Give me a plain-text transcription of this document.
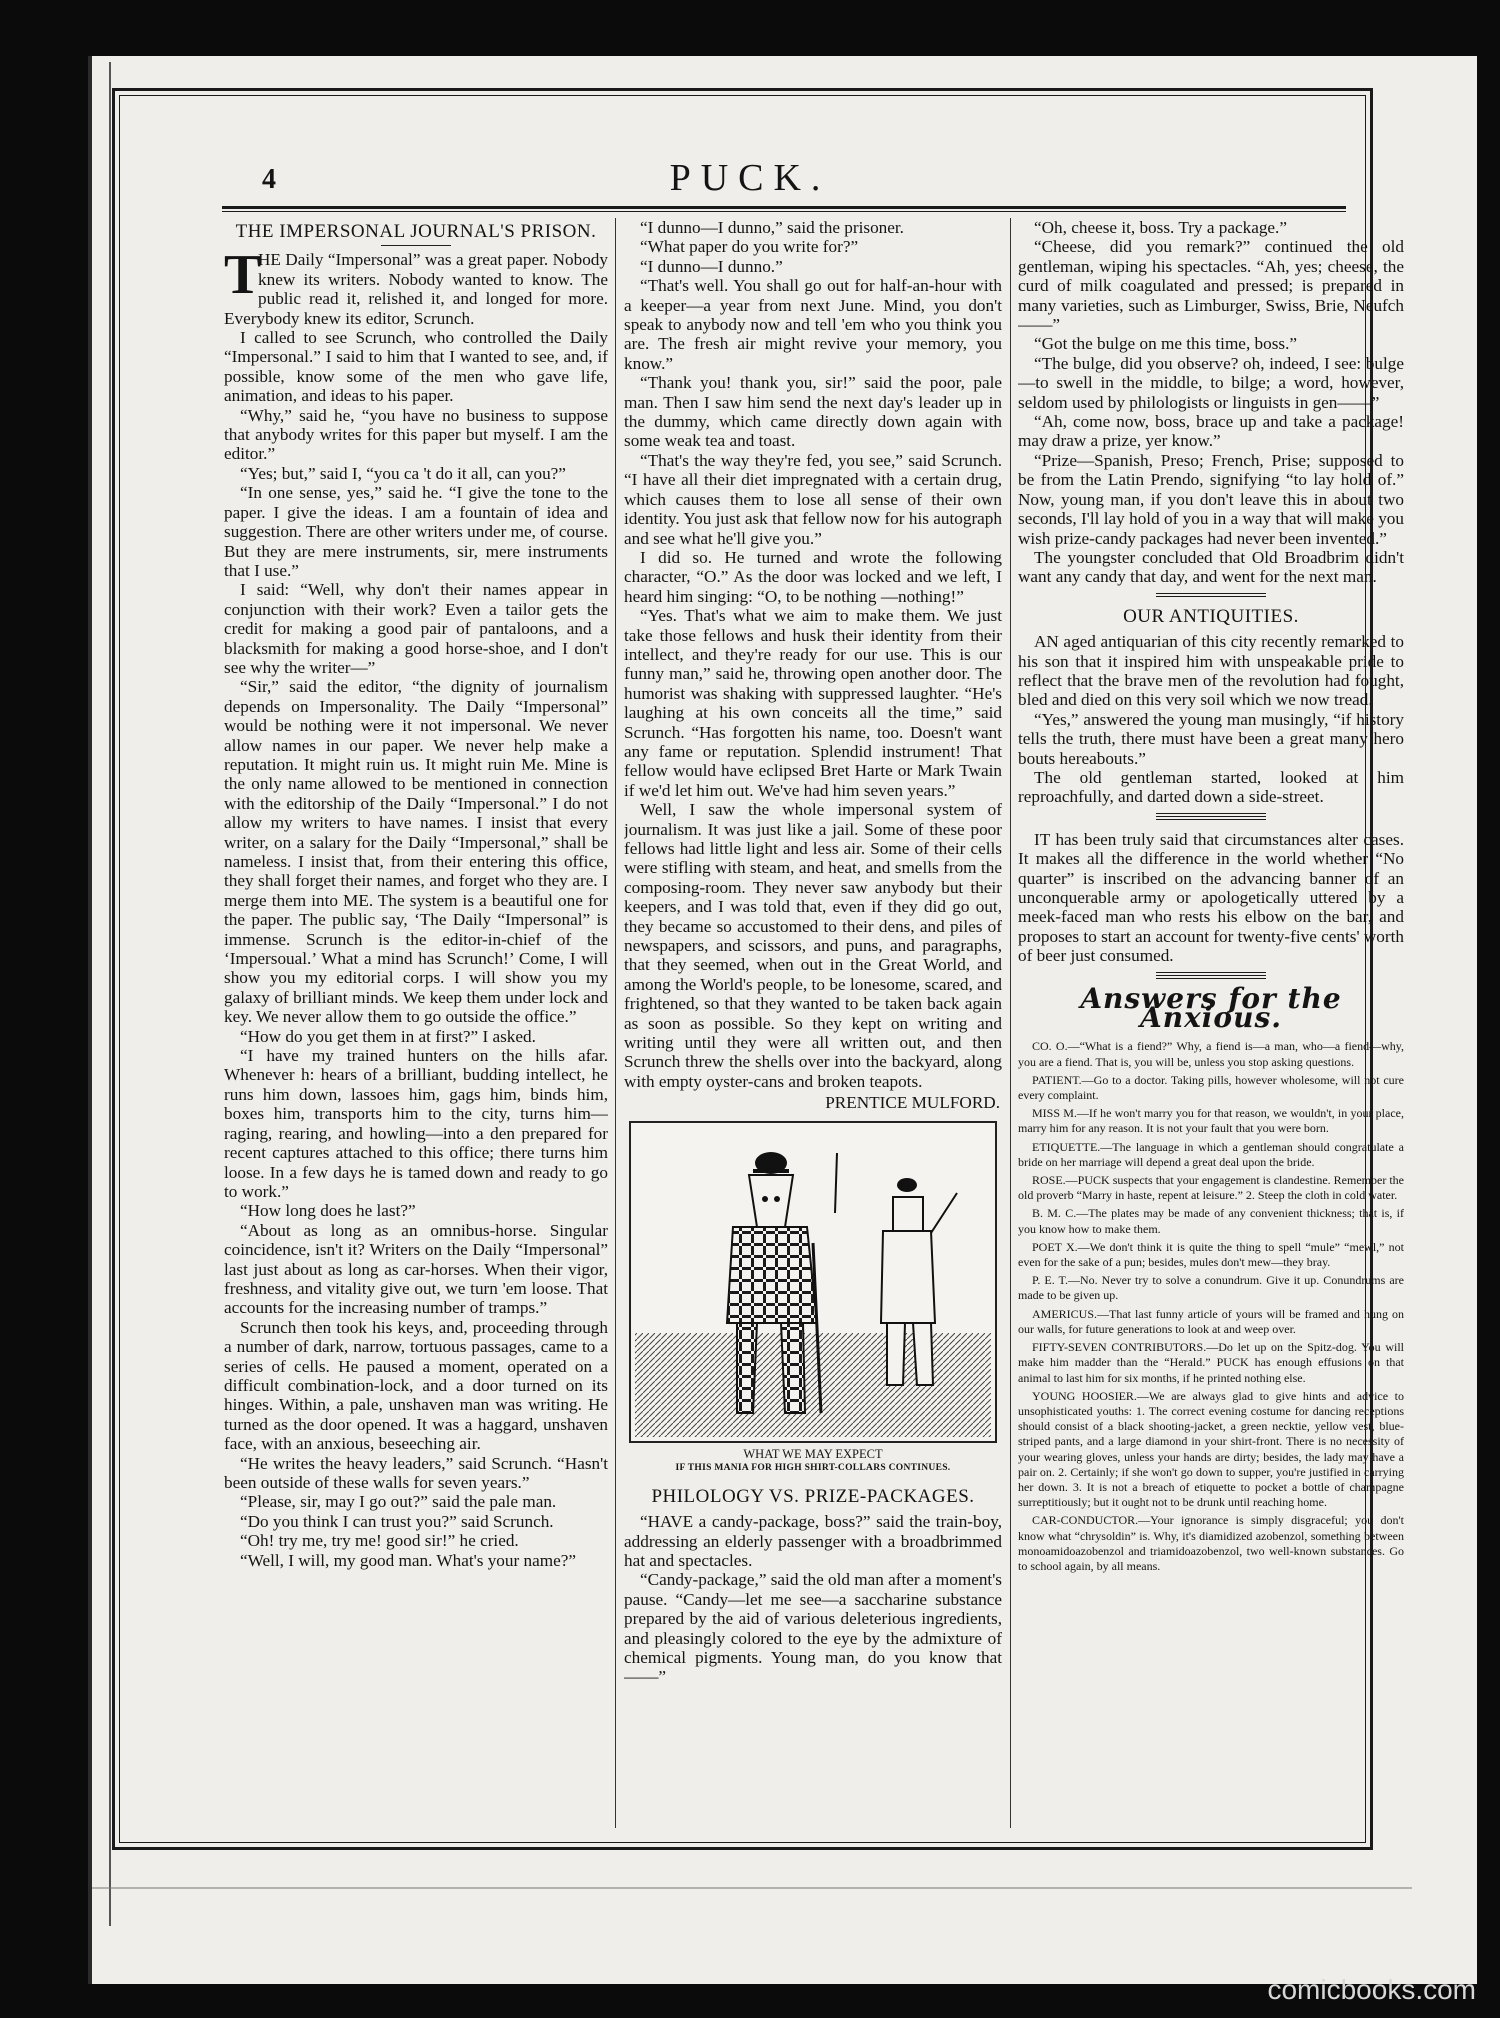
4	PUCK.
THE IMPERSONAL JOURNAL'S PRISON.

T
HE Daily “Impersonal” was a great paper. Nobody knew its writers. Nobody wanted to know. The public read it, relished it, and longed for more. Everybody knew its editor, Scrunch.

I called to see Scrunch, who controlled the Daily “Impersonal.” I said to him that I wanted to see, and, if possible, know some of the men who gave life, animation, and ideas to his paper.

“Why,” said he, “you have no business to suppose that anybody writes for this paper but myself. I am the editor.”

“Yes; but,” said I, “you ca 't do it all, can you?”

“In one sense, yes,” said he. “I give the tone to the paper. I give the ideas. I am a fountain of idea and suggestion. There are other writers under me, of course. But they are mere instruments, sir, mere instruments that I use.”

I said: “Well, why don't their names appear in conjunction with their work? Even a tailor gets the credit for making a good pair of pantaloons, and a blacksmith for making a good horse-shoe, and I don't see why the writer—”

“Sir,” said the editor, “the dignity of journalism depends on Impersonality. The Daily “Impersonal” would be nothing were it not impersonal. We never allow names in our paper. We never help make a reputation. It might ruin us. It might ruin Me. Mine is the only name allowed to be mentioned in connection with the editorship of the Daily “Impersonal.” I do not allow my writers to have names. I insist that every writer, on a salary for the Daily “Impersonal,” shall be nameless. I insist that, from their entering this office, they shall forget their names, and forget who they are. I merge them into ME. The system is a beautiful one for the paper. The public say, ‘The Daily “Impersonal” is immense. Scrunch is the editor-in-chief of the ‘Impersoual.’ What a mind has Scrunch!’ Come, I will show you my editorial corps. I will show you my galaxy of brilliant minds. We keep them under lock and key. We never allow them to go outside the office.”

“How do you get them in at first?” I asked.

“I have my trained hunters on the hills afar. Whenever h: hears of a brilliant, budding intellect, he runs him down, lassoes him, gags him, binds him, boxes him, transports him to the city, turns him—raging, rearing, and howling—into a den prepared for recent captures attached to this office; there turns him loose. In a few days he is tamed down and ready to go to work.”

“How long does he last?”

“About as long as an omnibus-horse. Singular coincidence, isn't it? Writers on the Daily “Impersonal” last just about as long as car-horses. When their vigor, freshness, and vitality give out, we turn 'em loose. That accounts for the increasing number of tramps.”

Scrunch then took his keys, and, proceeding through a number of dark, narrow, tortuous passages, came to a series of cells. He paused a moment, operated on a difficult combination-lock, and a door turned on its hinges. Within, a pale, unshaven man was writing. He turned as the door opened. It was a haggard, unshaven face, with an anxious, beseeching air.

“He writes the heavy leaders,” said Scrunch. “Hasn't been outside of these walls for seven years.”

“Please, sir, may I go out?” said the pale man.

“Do you think I can trust you?” said Scrunch.

“Oh! try me, try me! good sir!” he cried.

“Well, I will, my good man. What's your name?”

“I dunno—I dunno,” said the prisoner.

“What paper do you write for?”

“I dunno—I dunno.”

“That's well. You shall go out for half-an-hour with a keeper—a year from next June. Mind, you don't speak to anybody now and tell 'em who you think you are. The fresh air might revive your memory, you know.”

“Thank you! thank you, sir!” said the poor, pale man. Then I saw him send the next day's leader up in the dummy, which came directly down again with some weak tea and toast.

“That's the way they're fed, you see,” said Scrunch. “I have all their diet impregnated with a certain drug, which causes them to lose all sense of their own identity. You just ask that fellow now for his autograph and see what he'll give you.”

I did so. He turned and wrote the following character, “O.” As the door was locked and we left, I heard him singing: “O, to be nothing —nothing!”

“Yes. That's what we aim to make them. We just take those fellows and husk their identity from their intellect, and they're ready for our use. This is our funny man,” said he, throwing open another door. The humorist was shaking with suppressed laughter. “He's laughing at his own conceits all the time,” said Scrunch. “Has forgotten his name, too. Doesn't want any fame or reputation. Splendid instrument! That fellow would have eclipsed Bret Harte or Mark Twain if we'd let him out. We've had him seven years.”

Well, I saw the whole impersonal system of journalism. It was just like a jail. Some of these poor fellows had little light and less air. Some of their cells were stifling with steam, and heat, and smells from the composing-room. They never saw anybody but their keepers, and I was told that, even if they did go out, they became so accustomed to their dens, and piles of newspapers, and scissors, and puns, and paragraphs, that they seemed, when out in the Great World, and among the World's people, to be lonesome, scared, and frightened, so that they wanted to be taken back again as soon as possible. So they kept on writing and writing until they were all written out, and then Scrunch threw the shells over into the backyard, along with empty oyster-cans and broken teapots.

PRENTICE MULFORD.
WHAT WE MAY EXPECT
IF THIS MANIA FOR HIGH SHIRT-COLLARS CONTINUES.
PHILOLOGY VS. PRIZE-PACKAGES.

“HAVE a candy-package, boss?” said the train-boy, addressing an elderly passenger with a broadbrimmed hat and spectacles.

“Candy-package,” said the old man after a moment's pause. “Candy—let me see—a saccharine substance prepared by the aid of various deleterious ingredients, and pleasingly colored to the eye by the admixture of chemical pigments. Young man, do you know that——”

“Oh, cheese it, boss. Try a package.”

“Cheese, did you remark?” continued the old gentleman, wiping his spectacles. “Ah, yes; cheese, the curd of milk coagulated and pressed; is prepared in many varieties, such as Limburger, Swiss, Brie, Neufch——”

“Got the bulge on me this time, boss.”

“The bulge, did you observe? oh, indeed, I see: bulge—to swell in the middle, to bilge; a word, however, seldom used by philologists or linguists in gen——”

“Ah, come now, boss, brace up and take a package! may draw a prize, yer know.”

“Prize—Spanish, Preso; French, Prise; supposed to be from the Latin Prendo, signifying “to lay hold of.” Now, young man, if you don't leave this in about two seconds, I'll lay hold of you in a way that will make you wish prize-candy packages had never been invented.”

The youngster concluded that Old Broadbrim didn't want any candy that day, and went for the next man.

OUR ANTIQUITIES.

AN aged antiquarian of this city recently remarked to his son that it inspired him with unspeakable pride to reflect that the brave men of the revolution had fought, bled and died on this very soil which we now tread.

“Yes,” answered the young man musingly, “if history tells the truth, there must have been a great many hero bouts hereabouts.”

The old gentleman started, looked at him reproachfully, and darted down a side-street.

IT has been truly said that circumstances alter cases. It makes all the difference in the world whether “No quarter” is inscribed on the advancing banner of an unconquerable army or apologetically uttered by a meek-faced man who rests his elbow on the bar, and proposes to start an account for twenty-five cents' worth of beer just consumed.

Answers for the Anxious.

CO. O.—“What is a fiend?” Why, a fiend is—a man, who—a fiend—why, you are a fiend. That is, you will be, unless you stop asking questions.

PATIENT.—Go to a doctor. Taking pills, however wholesome, will not cure every complaint.

MISS M.—If he won't marry you for that reason, we wouldn't, in your place, marry him for any reason. It is not your fault that you were born.

ETIQUETTE.—The language in which a gentleman should congratulate a bride on her marriage will depend a great deal upon the bride.

ROSE.—PUCK suspects that your engagement is clandestine. Remember the old proverb “Marry in haste, repent at leisure.” 2. Steep the cloth in cold water.

B. M. C.—The plates may be made of any convenient thickness; that is, if you know how to make them.

POET X.—We don't think it is quite the thing to spell “mule” “mewl,” not even for the sake of a pun; besides, mules don't mew—they bray.

P. E. T.—No. Never try to solve a conundrum. Give it up. Conundrums are made to be given up.

AMERICUS.—That last funny article of yours will be framed and hung on our walls, for future generations to look at and weep over.

FIFTY-SEVEN CONTRIBUTORS.—Do let up on the Spitz-dog. You will make him madder than the “Herald.” PUCK has enough effusions on that animal to last him for six months, if he printed nothing else.

YOUNG HOOSIER.—We are always glad to give hints and advice to unsophisticated youths: 1. The correct evening costume for dancing receptions should consist of a black shooting-jacket, a green necktie, yellow vest, blue-striped pants, and a large diamond in your shirt-front. There is no necessity of your wearing gloves, unless your hands are dirty; besides, the lady may have a pair on. 2. Certainly; if she won't go down to supper, you're justified in carrying her down. 3. It is not a breach of etiquette to pocket a bottle of champagne surreptitiously; but it ought not to be drunk until reaching home.

CAR-CONDUCTOR.—Your ignorance is simply disgraceful; you don't know what “chrysoldin” is. Why, it's diamidized azobenzol, something between monoamidoazobenzol and triamidoazobenzol, two well-known substances. Go to school again, by all means.

comicbooks.com
